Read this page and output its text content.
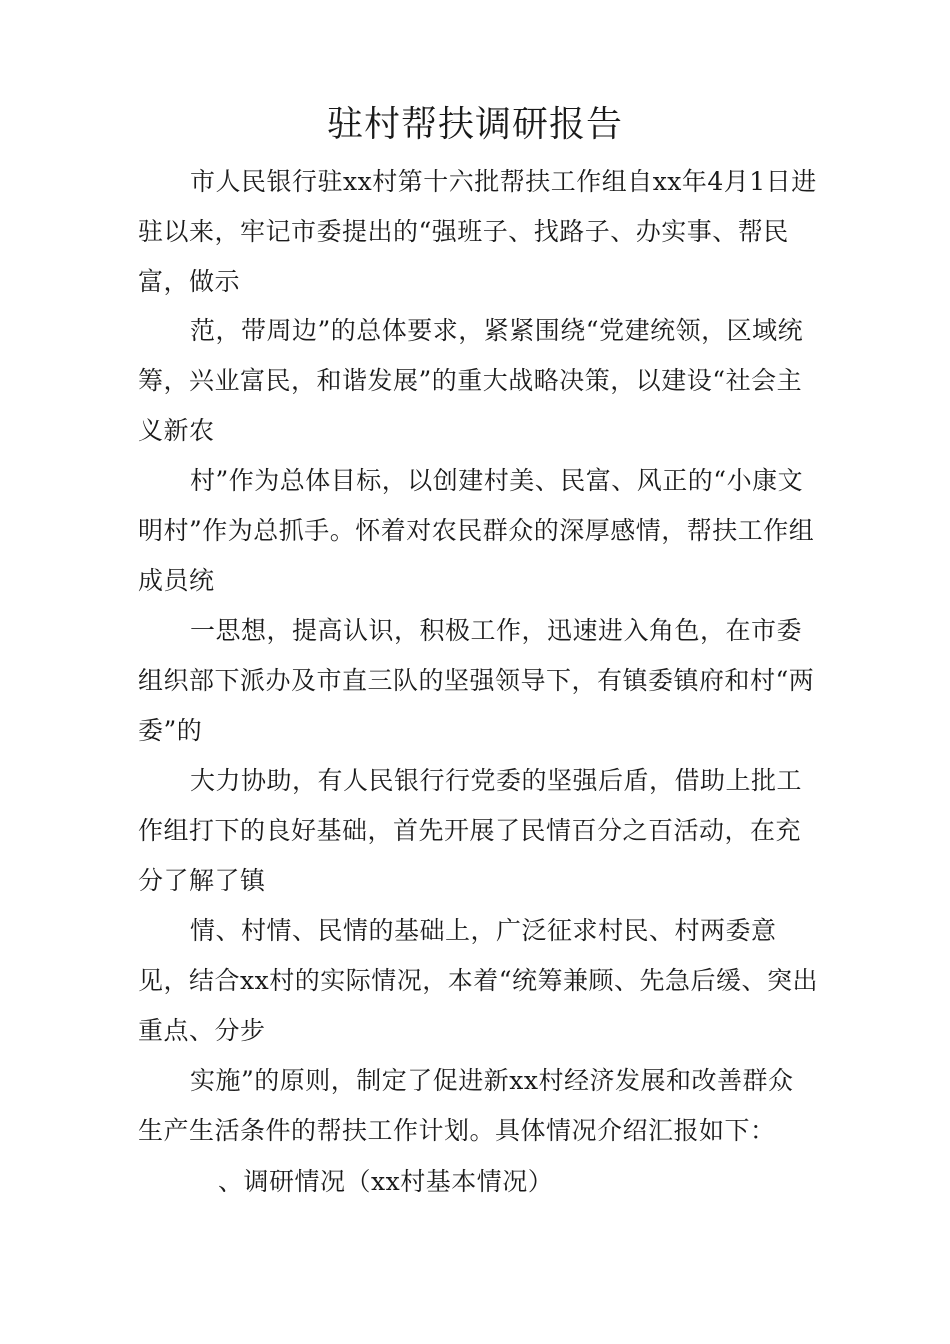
驻村帮扶调研报告
市人民银行驻xx村第十六批帮扶工作组自xx年4月1日进驻以来，牢记市委提出的“强班子、找路子、办实事、帮民富，做示
范，带周边”的总体要求，紧紧围绕“党建统领，区域统筹，兴业富民，和谐发展”的重大战略决策，以建设“社会主义新农
村”作为总体目标，以创建村美、民富、风正的“小康文明村”作为总抓手。怀着对农民群众的深厚感情，帮扶工作组成员统
一思想，提高认识，积极工作，迅速进入角色，在市委组织部下派办及市直三队的坚强领导下，有镇委镇府和村“两委”的
大力协助，有人民银行行党委的坚强后盾，借助上批工作组打下的良好基础，首先开展了民情百分之百活动，在充分了解了镇
情、村情、民情的基础上，广泛征求村民、村两委意见，结合xx村的实际情况，本着“统筹兼顾、先急后缓、突出重点、分步
实施”的原则，制定了促进新xx村经济发展和改善群众生产生活条件的帮扶工作计划。具体情况介绍汇报如下：
、调研情况（xx村基本情况）
